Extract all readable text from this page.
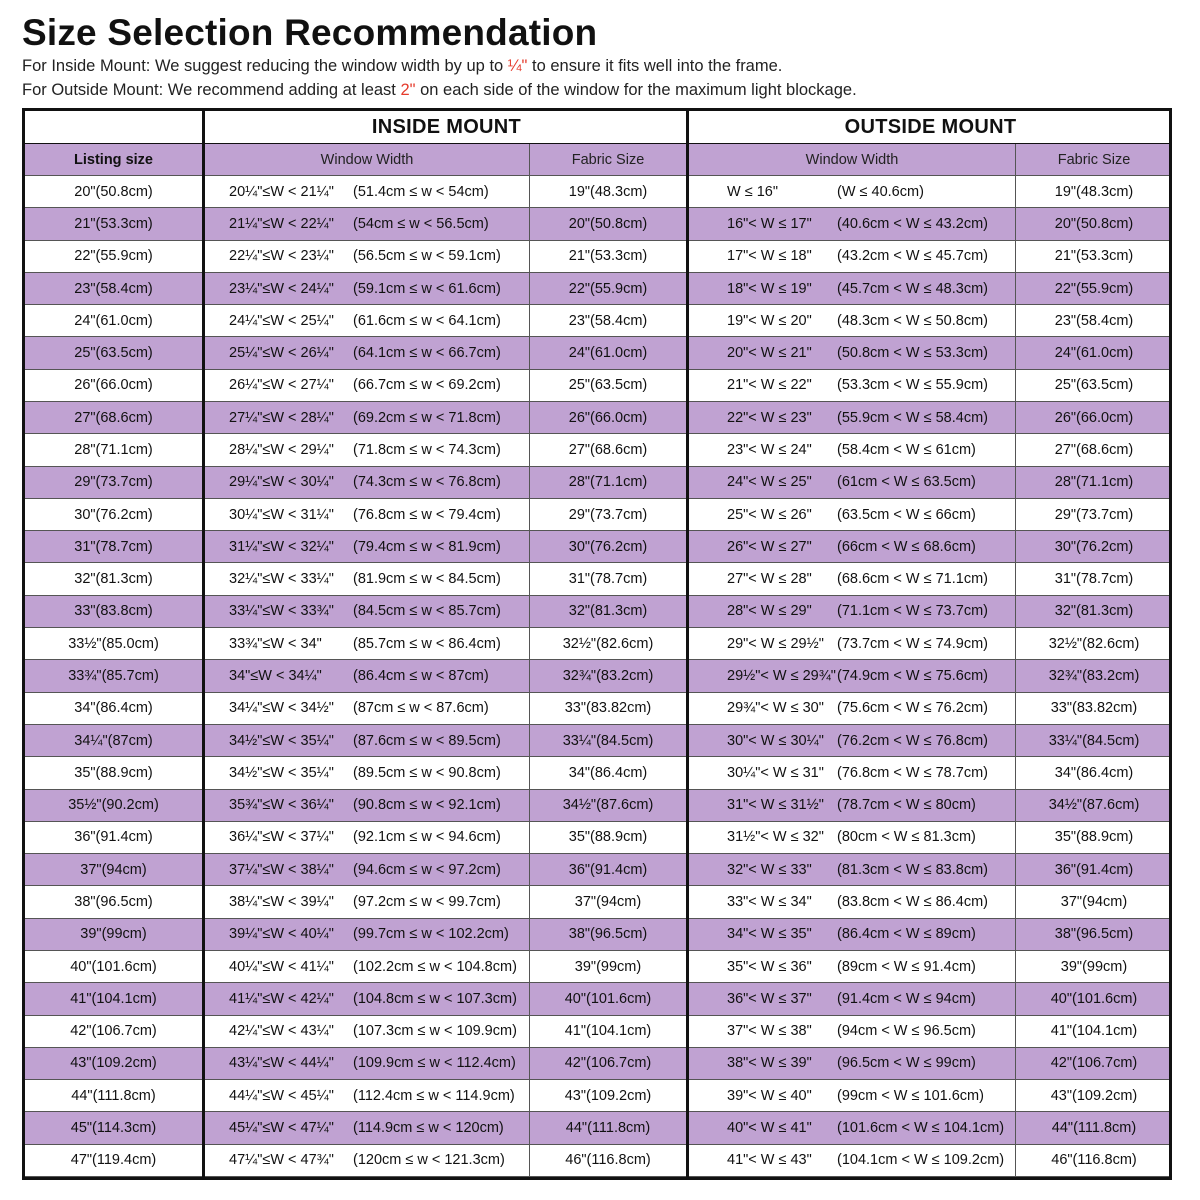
Size Selection Recommendation
For Inside Mount: We suggest reducing the window width by up to ¼" to ensure it fits well into the frame.
For Outside Mount: We recommend adding at least 2" on each side of the window for the maximum light blockage.
INSIDE MOUNT	OUTSIDE MOUNT
Listing size	Window Width	Fabric Size	Window Width	Fabric Size
20"(50.8cm)	20¼"≤W < 21¼" (51.4cm ≤ w < 54cm)	19"(48.3cm)	W ≤ 16"	(W ≤ 40.6cm)	19"(48.3cm)
21"(53.3cm)	21¼"≤W < 22¼" (54cm ≤ w < 56.5cm)	20"(50.8cm)	16"< W ≤ 17" (40.6cm < W ≤ 43.2cm)	20"(50.8cm)
22"(55.9cm)	22¼"≤W < 23¼" (56.5cm ≤ w < 59.1cm)	21"(53.3cm)	17"< W ≤ 18" (43.2cm < W ≤ 45.7cm)	21"(53.3cm)
23"(58.4cm)	23¼"≤W < 24¼" (59.1cm ≤ w < 61.6cm)	22"(55.9cm)	18"< W ≤ 19" (45.7cm < W ≤ 48.3cm)	22"(55.9cm)
24"(61.0cm)	24¼"≤W < 25¼" (61.6cm ≤ w < 64.1cm)	23"(58.4cm)	19"< W ≤ 20" (48.3cm < W ≤ 50.8cm)	23"(58.4cm)
25"(63.5cm)	25¼"≤W < 26¼" (64.1cm ≤ w < 66.7cm)	24"(61.0cm)	20"< W ≤ 21" (50.8cm < W ≤ 53.3cm)	24"(61.0cm)
26"(66.0cm)	26¼"≤W < 27¼" (66.7cm ≤ w < 69.2cm)	25"(63.5cm)	21"< W ≤ 22" (53.3cm < W ≤ 55.9cm)	25"(63.5cm)
27"(68.6cm)	27¼"≤W < 28¼" (69.2cm ≤ w < 71.8cm)	26"(66.0cm)	22"< W ≤ 23" (55.9cm < W ≤ 58.4cm)	26"(66.0cm)
28"(71.1cm)	28¼"≤W < 29¼" (71.8cm ≤ w < 74.3cm)	27"(68.6cm)	23"< W ≤ 24" (58.4cm < W ≤ 61cm)	27"(68.6cm)
29"(73.7cm)	29¼"≤W < 30¼" (74.3cm ≤ w < 76.8cm)	28"(71.1cm)	24"< W ≤ 25" (61cm < W ≤ 63.5cm)	28"(71.1cm)
30"(76.2cm)	30¼"≤W < 31¼" (76.8cm ≤ w < 79.4cm)	29"(73.7cm)	25"< W ≤ 26" (63.5cm < W ≤ 66cm)	29"(73.7cm)
31"(78.7cm)	31¼"≤W < 32¼" (79.4cm ≤ w < 81.9cm)	30"(76.2cm)	26"< W ≤ 27" (66cm < W ≤ 68.6cm)	30"(76.2cm)
32"(81.3cm)	32¼"≤W < 33¼" (81.9cm ≤ w < 84.5cm)	31"(78.7cm)	27"< W ≤ 28" (68.6cm < W ≤ 71.1cm)	31"(78.7cm)
33"(83.8cm)	33¼"≤W < 33¾" (84.5cm ≤ w < 85.7cm)	32"(81.3cm)	28"< W ≤ 29" (71.1cm < W ≤ 73.7cm)	32"(81.3cm)
33½"(85.0cm)	33¾"≤W < 34" (85.7cm ≤ w < 86.4cm)	32½"(82.6cm)	29"< W ≤ 29½" (73.7cm < W ≤ 74.9cm)	32½"(82.6cm)
33¾"(85.7cm)	34"≤W < 34¼" (86.4cm ≤ w < 87cm)	32¾"(83.2cm)	29½"< W ≤ 29¾" (74.9cm < W ≤ 75.6cm)	32¾"(83.2cm)
34"(86.4cm)	34¼"≤W < 34½" (87cm ≤ w < 87.6cm)	33"(83.82cm)	29¾"< W ≤ 30" (75.6cm < W ≤ 76.2cm)	33"(83.82cm)
34¼"(87cm)	34½"≤W < 35¼" (87.6cm ≤ w < 89.5cm)	33¼"(84.5cm)	30"< W ≤ 30¼" (76.2cm < W ≤ 76.8cm)	33¼"(84.5cm)
35"(88.9cm)	34½"≤W < 35¼" (89.5cm ≤ w < 90.8cm)	34"(86.4cm)	30¼"< W ≤ 31" (76.8cm < W ≤ 78.7cm)	34"(86.4cm)
35½"(90.2cm)	35¾"≤W < 36¼" (90.8cm ≤ w < 92.1cm)	34½"(87.6cm)	31"< W ≤ 31½" (78.7cm < W ≤ 80cm)	34½"(87.6cm)
36"(91.4cm)	36¼"≤W < 37¼" (92.1cm ≤ w < 94.6cm)	35"(88.9cm)	31½"< W ≤ 32" (80cm < W ≤ 81.3cm)	35"(88.9cm)
37"(94cm)	37¼"≤W < 38¼" (94.6cm ≤ w < 97.2cm)	36"(91.4cm)	32"< W ≤ 33" (81.3cm < W ≤ 83.8cm)	36"(91.4cm)
38"(96.5cm)	38¼"≤W < 39¼" (97.2cm ≤ w < 99.7cm)	37"(94cm)	33"< W ≤ 34" (83.8cm < W ≤ 86.4cm)	37"(94cm)
39"(99cm)	39¼"≤W < 40¼" (99.7cm ≤ w < 102.2cm)	38"(96.5cm)	34"< W ≤ 35" (86.4cm < W ≤ 89cm)	38"(96.5cm)
40"(101.6cm)	40¼"≤W < 41¼" (102.2cm ≤ w < 104.8cm)	39"(99cm)	35"< W ≤ 36" (89cm < W ≤ 91.4cm)	39"(99cm)
41"(104.1cm)	41¼"≤W < 42¼" (104.8cm ≤ w < 107.3cm)	40"(101.6cm)	36"< W ≤ 37" (91.4cm < W ≤ 94cm)	40"(101.6cm)
42"(106.7cm)	42¼"≤W < 43¼" (107.3cm ≤ w < 109.9cm)	41"(104.1cm)	37"< W ≤ 38" (94cm < W ≤ 96.5cm)	41"(104.1cm)
43"(109.2cm)	43¼"≤W < 44¼" (109.9cm ≤ w < 112.4cm)	42"(106.7cm)	38"< W ≤ 39" (96.5cm < W ≤ 99cm)	42"(106.7cm)
44"(111.8cm)	44¼"≤W < 45¼" (112.4cm ≤ w < 114.9cm)	43"(109.2cm)	39"< W ≤ 40" (99cm < W ≤ 101.6cm)	43"(109.2cm)
45"(114.3cm)	45¼"≤W < 47¼" (114.9cm ≤ w < 120cm)	44"(111.8cm)	40"< W ≤ 41" (101.6cm < W ≤ 104.1cm)	44"(111.8cm)
47"(119.4cm)	47¼"≤W < 47¾" (120cm ≤ w < 121.3cm)	46"(116.8cm)	41"< W ≤ 43" (104.1cm < W ≤ 109.2cm)	46"(116.8cm)
